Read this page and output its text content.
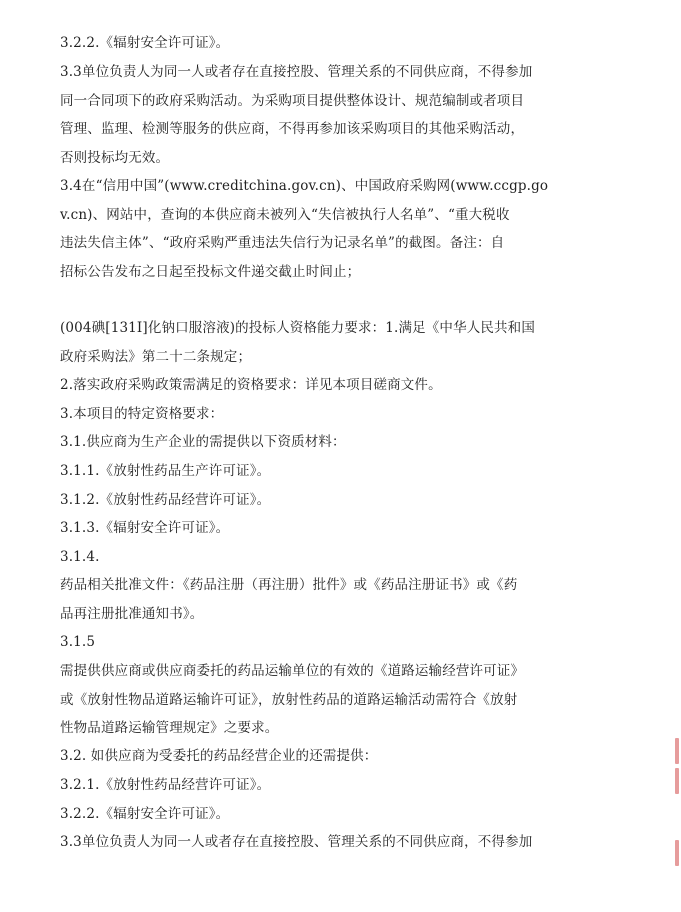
3.2.2.《辐射安全许可证》。

3.3单位负责人为同一人或者存在直接控股、管理关系的不同供应商，不得参加
同一合同项下的政府采购活动。为采购项目提供整体设计、规范编制或者项目
管理、监理、检测等服务的供应商，不得再参加该采购项目的其他采购活动，
否则投标均无效。

3.4在“信用中国”(www.creditchina.gov.cn)、中国政府采购网(www.ccgp.go
v.cn)、网站中，查询的本供应商未被列入“失信被执行人名单”、“重大税收
违法失信主体”、“政府采购严重违法失信行为记录名单”的截图。备注：自
招标公告发布之日起至投标文件递交截止时间止；

(004碘[131I]化钠口服溶液)的投标人资格能力要求：1.满足《中华人民共和国
政府采购法》第二十二条规定；

2.落实政府采购政策需满足的资格要求：详见本项目磋商文件。

3.本项目的特定资格要求：

3.1.供应商为生产企业的需提供以下资质材料：

3.1.1.《放射性药品生产许可证》。

3.1.2.《放射性药品经营许可证》。

3.1.3.《辐射安全许可证》。

3.1.4.

药品相关批准文件：《药品注册（再注册）批件》或《药品注册证书》或《药
品再注册批准通知书》。

3.1.5

需提供供应商或供应商委托的药品运输单位的有效的《道路运输经营许可证》
或《放射性物品道路运输许可证》，放射性药品的道路运输活动需符合《放射
性物品道路运输管理规定》之要求。

3.2. 如供应商为受委托的药品经营企业的还需提供：

3.2.1.《放射性药品经营许可证》。

3.2.2.《辐射安全许可证》。

3.3单位负责人为同一人或者存在直接控股、管理关系的不同供应商，不得参加
